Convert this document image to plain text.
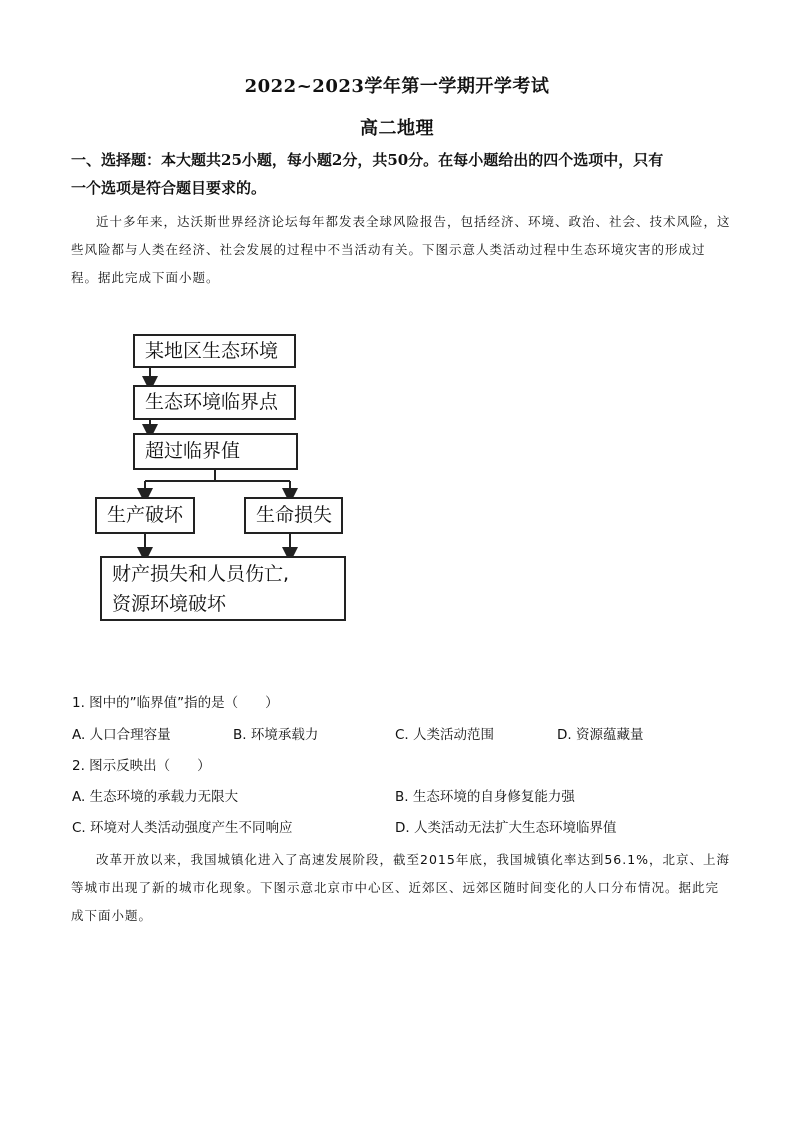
2022~2023学年第一学期开学考试
高二地理
一、选择题：本大题共25小题，每小题2分，共50分。在每小题给出的四个选项中，只有
一个选项是符合题目要求的。
近十多年来，达沃斯世界经济论坛每年都发表全球风险报告，包括经济、环境、政治、社会、技术风险，这些风险都与人类在经济、社会发展的过程中不当活动有关。下图示意人类活动过程中生态环境灾害的形成过程。据此完成下面小题。
某地区生态环境
生态环境临界点
超过临界值
生产破坏	生命损失
财产损失和人员伤亡,
资源环境破坏
1. 图中的”临界值”指的是（　　）
A. 人口合理容量	B. 环境承载力	C. 人类活动范围	D. 资源蕴藏量
2. 图示反映出（　　）
A. 生态环境的承载力无限大	B. 生态环境的自身修复能力强
C. 环境对人类活动强度产生不同响应	D. 人类活动无法扩大生态环境临界值
改革开放以来，我国城镇化进入了高速发展阶段，截至2015年底，我国城镇化率达到56.1%，北京、上海等城市出现了新的城市化现象。下图示意北京市中心区、近郊区、远郊区随时间变化的人口分布情况。据此完成下面小题。
